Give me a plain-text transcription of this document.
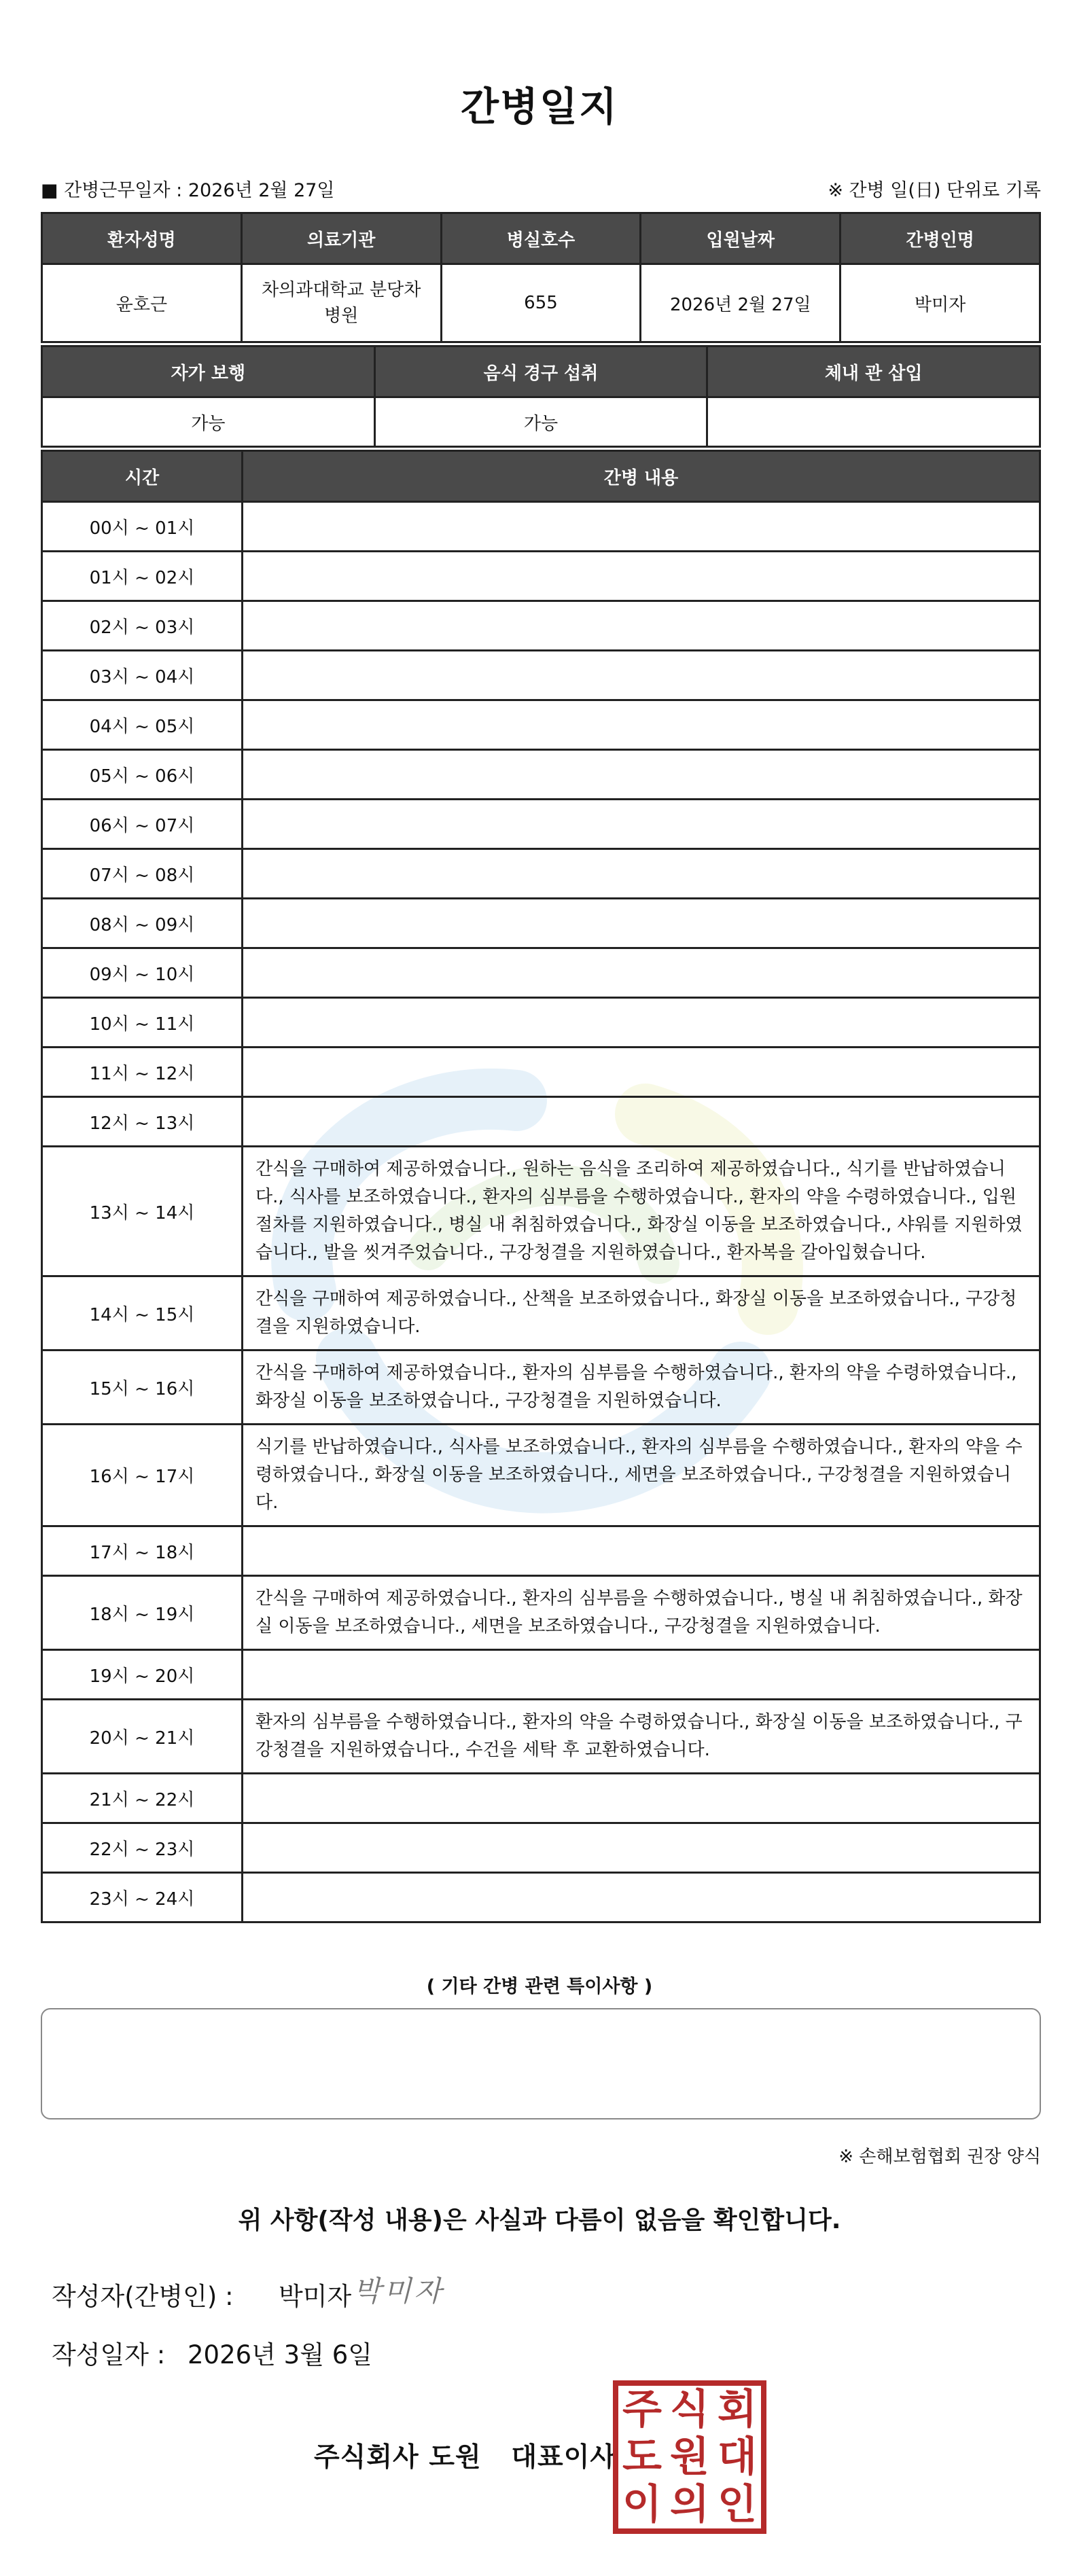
간병일지
■ 간병근무일자 : 2026년 2월 27일	※ 간병 일(日) 단위로 기록
환자성명	의료기관	병실호수	입원날짜	간병인명
윤호근	차의과대학교 분당차병원	655	2026년 2월 27일	박미자
자가 보행	음식 경구 섭취	체내 관 삽입
가능	가능	
시간	간병 내용
00시 ~ 01시	
01시 ~ 02시	
02시 ~ 03시	
03시 ~ 04시	
04시 ~ 05시	
05시 ~ 06시	
06시 ~ 07시	
07시 ~ 08시	
08시 ~ 09시	
09시 ~ 10시	
10시 ~ 11시	
11시 ~ 12시	
12시 ~ 13시	
13시 ~ 14시	간식을 구매하여 제공하였습니다., 원하는 음식을 조리하여 제공하였습니다., 식기를 반납하였습니다., 식사를 보조하였습니다., 환자의 심부름을 수행하였습니다., 환자의 약을 수령하였습니다., 입원절차를 지원하였습니다., 병실 내 취침하였습니다., 화장실 이동을 보조하였습니다., 샤워를 지원하였습니다., 발을 씻겨주었습니다., 구강청결을 지원하였습니다., 환자복을 갈아입혔습니다.
14시 ~ 15시	간식을 구매하여 제공하였습니다., 산책을 보조하였습니다., 화장실 이동을 보조하였습니다., 구강청결을 지원하였습니다.
15시 ~ 16시	간식을 구매하여 제공하였습니다., 환자의 심부름을 수행하였습니다., 환자의 약을 수령하였습니다., 화장실 이동을 보조하였습니다., 구강청결을 지원하였습니다.
16시 ~ 17시	식기를 반납하였습니다., 식사를 보조하였습니다., 환자의 심부름을 수행하였습니다., 환자의 약을 수령하였습니다., 화장실 이동을 보조하였습니다., 세면을 보조하였습니다., 구강청결을 지원하였습니다.
17시 ~ 18시	
18시 ~ 19시	간식을 구매하여 제공하였습니다., 환자의 심부름을 수행하였습니다., 병실 내 취침하였습니다., 화장실 이동을 보조하였습니다., 세면을 보조하였습니다., 구강청결을 지원하였습니다.
19시 ~ 20시	
20시 ~ 21시	환자의 심부름을 수행하였습니다., 환자의 약을 수령하였습니다., 화장실 이동을 보조하였습니다., 구강청결을 지원하였습니다., 수건을 세탁 후 교환하였습니다.
21시 ~ 22시	
22시 ~ 23시	
23시 ~ 24시	
( 기타 간병 관련 특이사항 )
※ 손해보험협회 권장 양식
위 사항(작성 내용)은 사실과 다름이 없음을 확인합니다.
작성자(간병인) : 박미자 박미자
작성일자 : 2026년 3월 6일
주식회사 도원   대표이사
주 식 회
도 원 대
이 의 인
